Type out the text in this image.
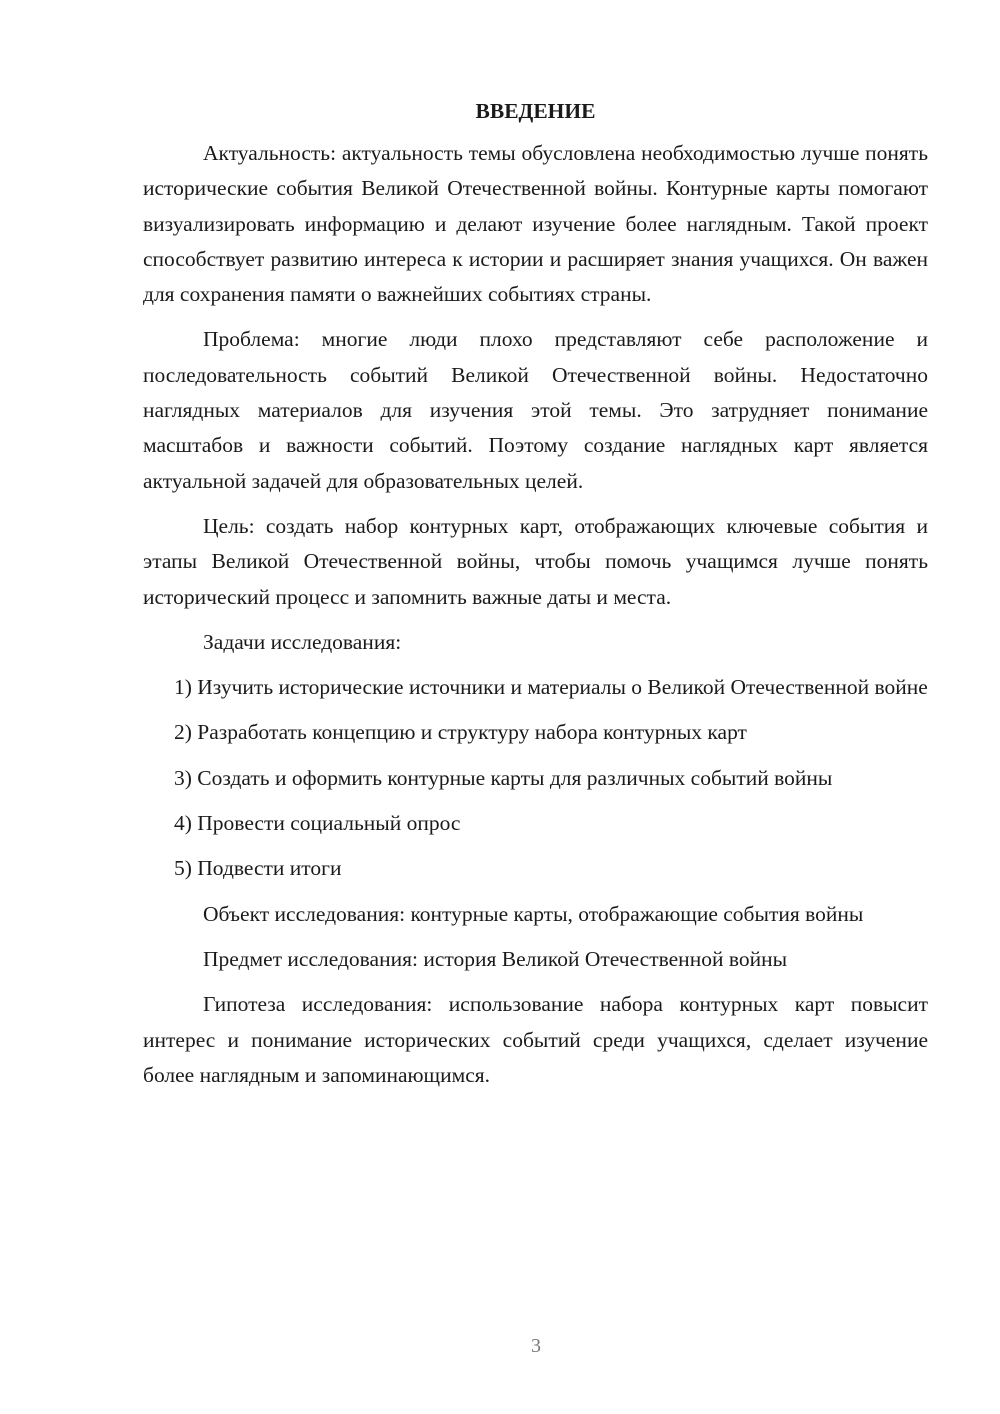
ВВЕДЕНИЕ

Актуальность: актуальность темы обусловлена необходимостью лучше понять исторические события Великой Отечественной войны. Контурные карты помогают визуализировать информацию и делают изучение более наглядным. Такой проект способствует развитию интереса к истории и расширяет знания учащихся. Он важен для сохранения памяти о важнейших событиях страны.

Проблема: многие люди плохо представляют себе расположение и последовательность событий Великой Отечественной войны. Недостаточно наглядных материалов для изучения этой темы. Это затрудняет понимание масштабов и важности событий. Поэтому создание наглядных карт является актуальной задачей для образовательных целей.

Цель: создать набор контурных карт, отображающих ключевые события и этапы Великой Отечественной войны, чтобы помочь учащимся лучше понять исторический процесс и запомнить важные даты и места.

Задачи исследования:

1) Изучить исторические источники и материалы о Великой Отечественной войне

2) Разработать концепцию и структуру набора контурных карт

3) Создать и оформить контурные карты для различных событий войны

4) Провести социальный опрос

5) Подвести итоги

Объект исследования: контурные карты, отображающие события войны

Предмет исследования: история Великой Отечественной войны

Гипотеза исследования: использование набора контурных карт повысит интерес и понимание исторических событий среди учащихся, сделает изучение более наглядным и запоминающимся.

3
